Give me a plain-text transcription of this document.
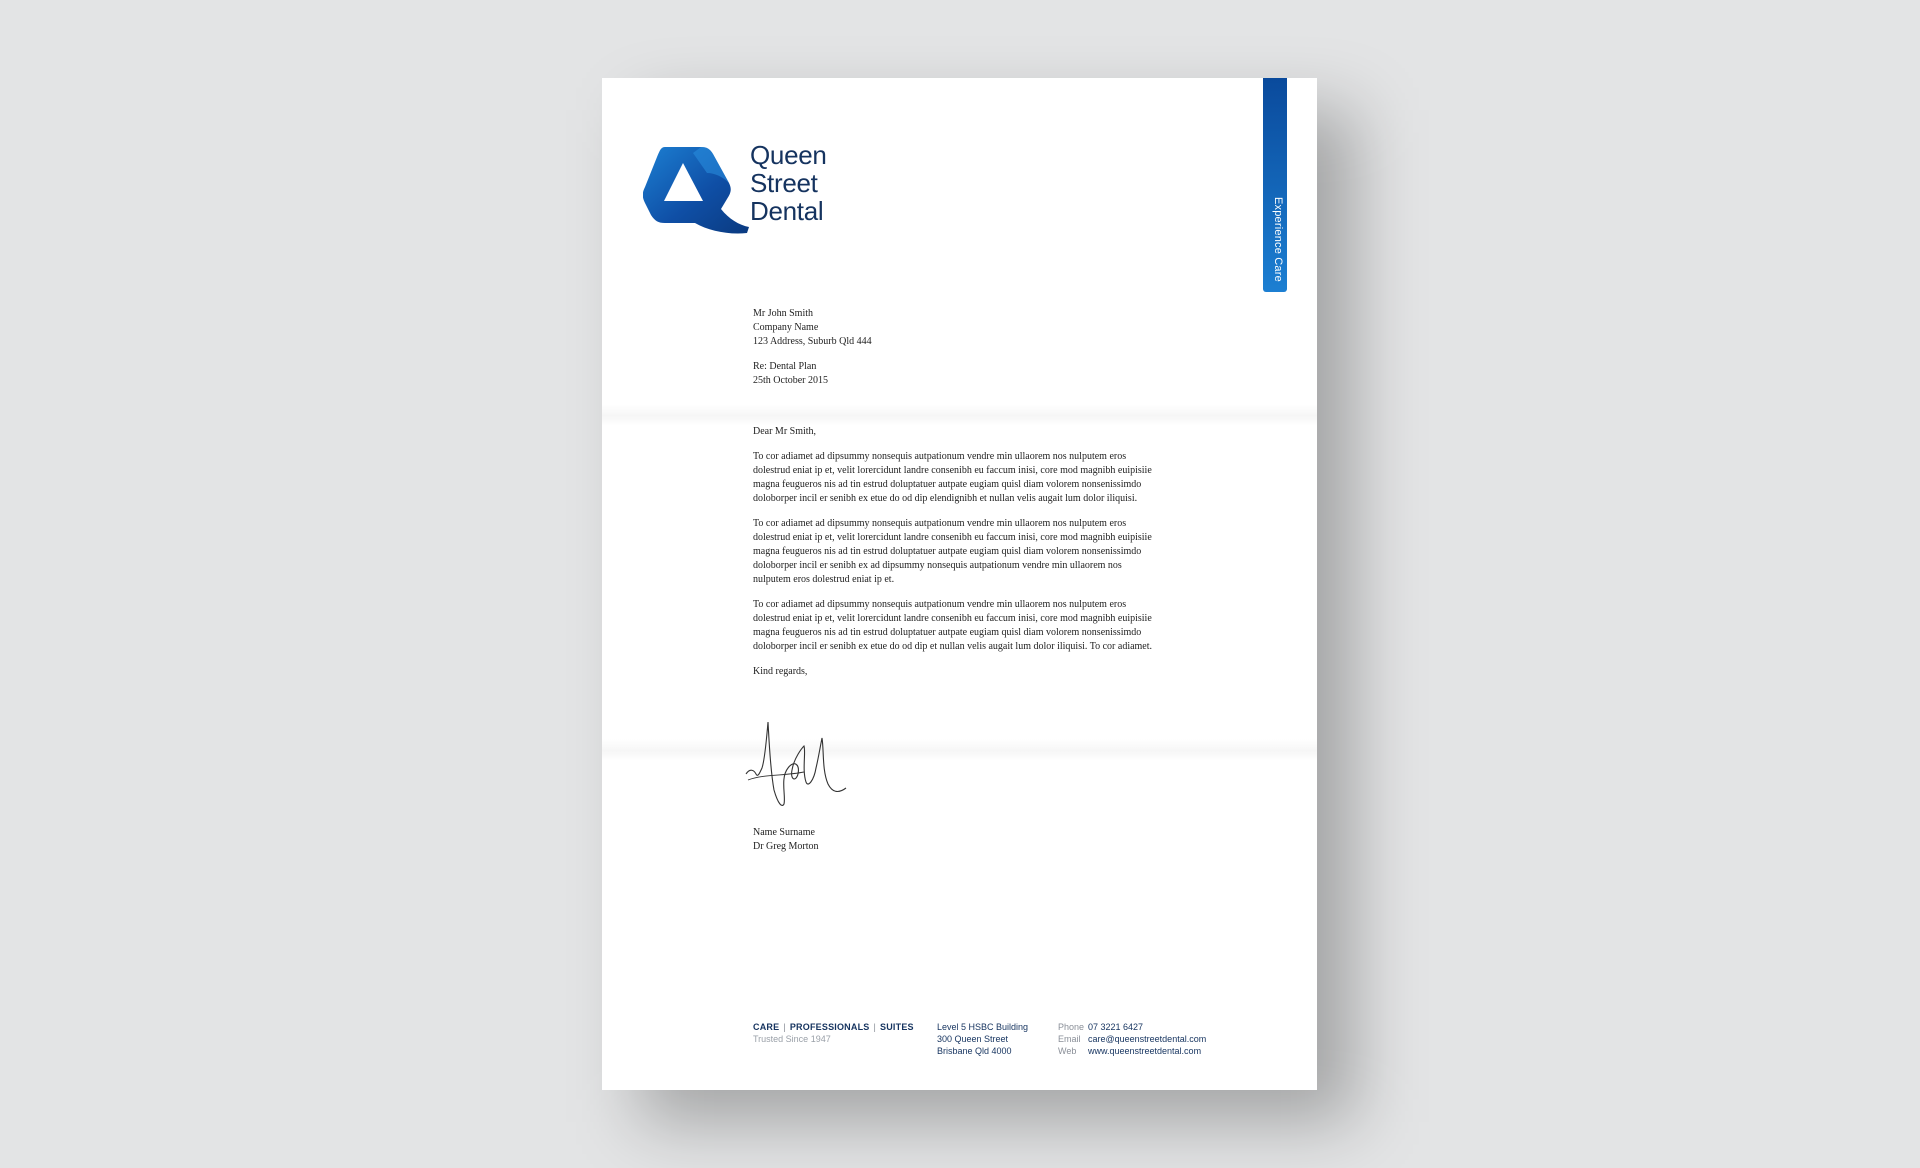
Experience Care
Queen
Street
Dental
Mr John Smith
Company Name
123 Address, Suburb Qld 444
Re: Dental Plan
25th October 2015
Dear Mr Smith,
To cor adiamet ad dipsummy nonsequis autpationum vendre min ullaorem nos nulputem eros
dolestrud eniat ip et, velit lorercidunt landre consenibh eu faccum inisi, core mod magnibh euipisiie
magna feugueros nis ad tin estrud doluptatuer autpate eugiam quisl diam volorem nonsenissimdo
doloborper incil er senibh ex etue do od dip elendignibh et nullan velis augait lum dolor iliquisi.
To cor adiamet ad dipsummy nonsequis autpationum vendre min ullaorem nos nulputem eros
dolestrud eniat ip et, velit lorercidunt landre consenibh eu faccum inisi, core mod magnibh euipisiie
magna feugueros nis ad tin estrud doluptatuer autpate eugiam quisl diam volorem nonsenissimdo
doloborper incil er senibh ex ad dipsummy nonsequis autpationum vendre min ullaorem nos
nulputem eros dolestrud eniat ip et.
To cor adiamet ad dipsummy nonsequis autpationum vendre min ullaorem nos nulputem eros
dolestrud eniat ip et, velit lorercidunt landre consenibh eu faccum inisi, core mod magnibh euipisiie
magna feugueros nis ad tin estrud doluptatuer autpate eugiam quisl diam volorem nonsenissimdo
doloborper incil er senibh ex etue do od dip et nullan velis augait lum dolor iliquisi. To cor adiamet.
Kind regards,
Name Surname
Dr Greg Morton
CARE | PROFESSIONALS | SUITES
Trusted Since 1947
Level 5 HSBC Building
300 Queen Street
Brisbane Qld 4000
Phone 07 3221 6427
Email care@queenstreetdental.com
Web www.queenstreetdental.com
